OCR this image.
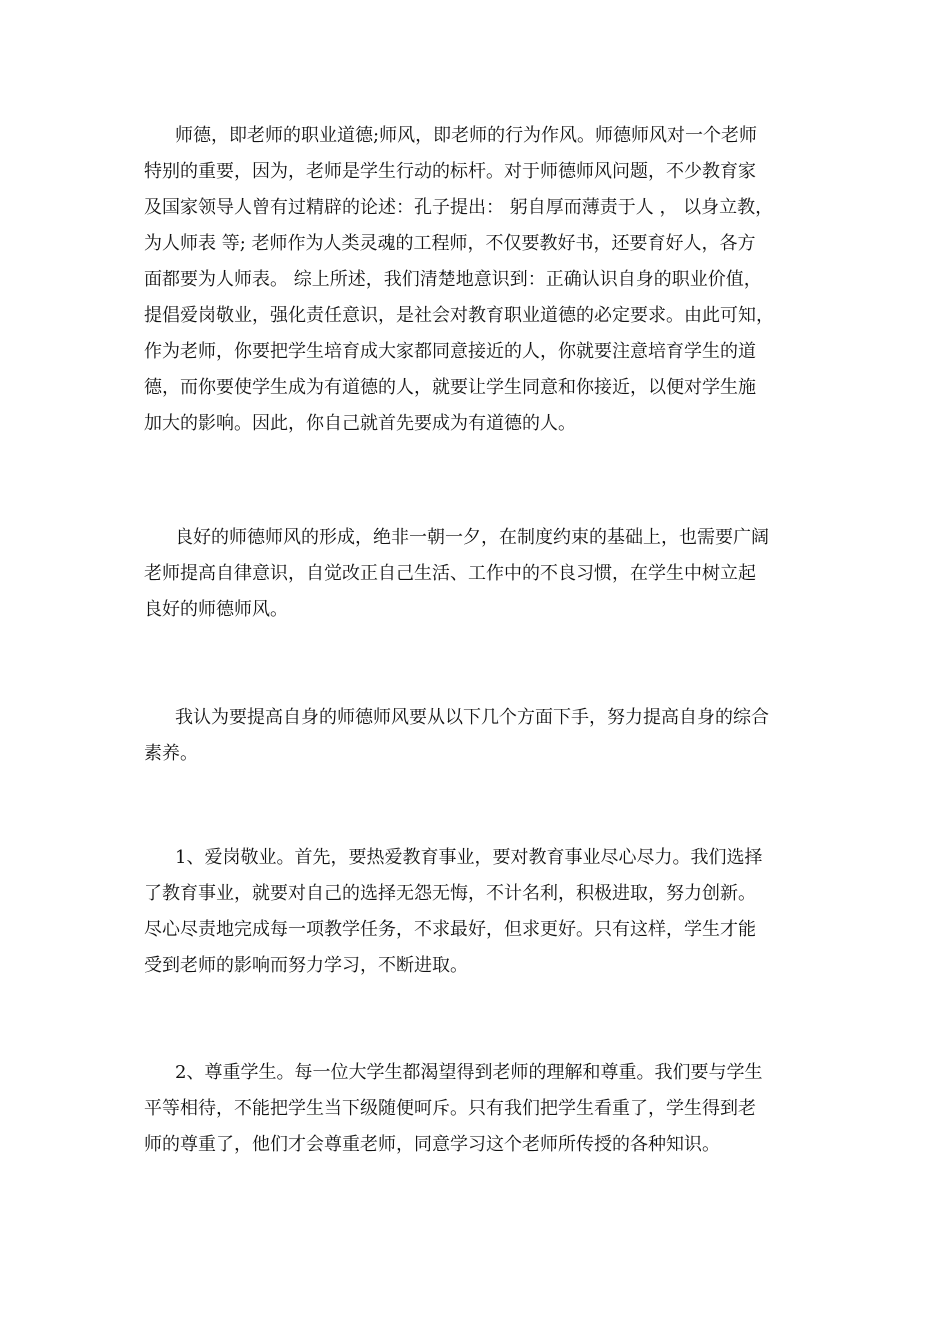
师德，即老师的职业道德;师风，即老师的行为作风。师德师风对一个老师
特别的重要，因为，老师是学生行动的标杆。对于师德师风问题，不少教育家
及国家领导人曾有过精辟的论述：孔子提出： 躬自厚而薄责于人 ， 以身立教，
为人师表 等; 老师作为人类灵魂的工程师，不仅要教好书，还要育好人，各方
面都要为人师表。 综上所述，我们清楚地意识到：正确认识自身的职业价值，
提倡爱岗敬业，强化责任意识，是社会对教育职业道德的必定要求。由此可知，
作为老师，你要把学生培育成大家都同意接近的人，你就要注意培育学生的道
德，而你要使学生成为有道德的人，就要让学生同意和你接近，以便对学生施
加大的影响。因此，你自己就首先要成为有道德的人。
良好的师德师风的形成，绝非一朝一夕，在制度约束的基础上，也需要广阔
老师提高自律意识，自觉改正自己生活、工作中的不良习惯，在学生中树立起
良好的师德师风。
我认为要提高自身的师德师风要从以下几个方面下手，努力提高自身的综合
素养。
1、爱岗敬业。首先，要热爱教育事业，要对教育事业尽心尽力。我们选择
了教育事业，就要对自己的选择无怨无悔，不计名利，积极进取，努力创新。
尽心尽责地完成每一项教学任务，不求最好，但求更好。只有这样，学生才能
受到老师的影响而努力学习，不断进取。
2、尊重学生。每一位大学生都渴望得到老师的理解和尊重。我们要与学生
平等相待，不能把学生当下级随便呵斥。只有我们把学生看重了，学生得到老
师的尊重了，他们才会尊重老师，同意学习这个老师所传授的各种知识。
